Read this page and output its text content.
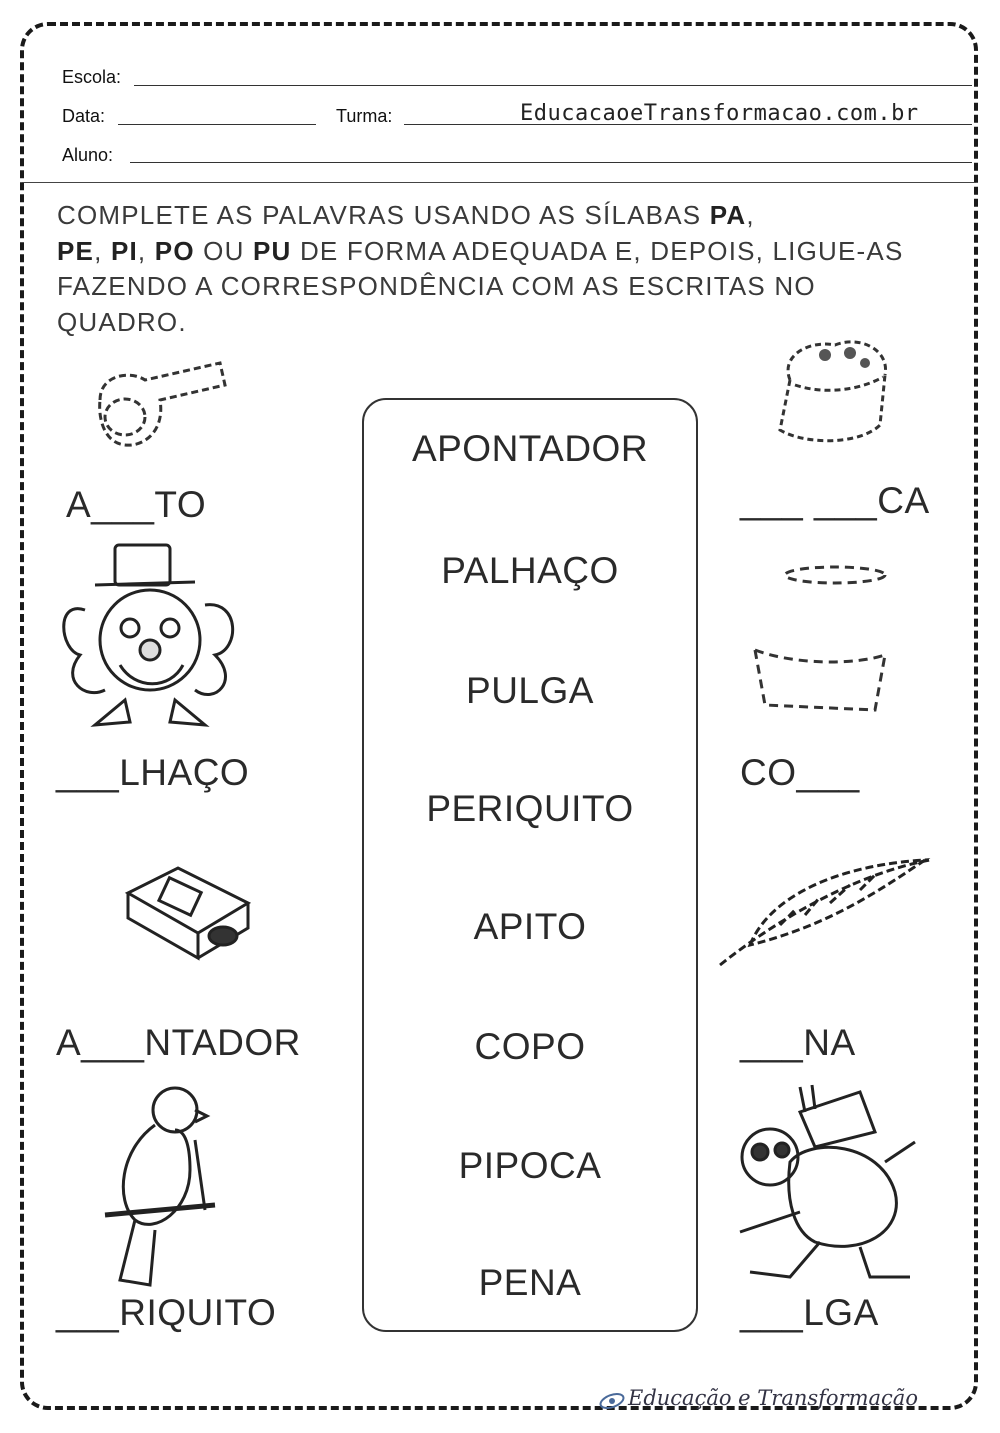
Escola:
Data:	Turma:	EducacaoeTransformacao.com.br
Aluno:
COMPLETE AS PALAVRAS USANDO AS SÍLABAS PA,
PE, PI, PO OU PU DE FORMA ADEQUADA E, DEPOIS, LIGUE-AS FAZENDO A CORRESPONDÊNCIA COM AS ESCRITAS NO QUADRO.
A___TO
___LHAÇO
A___NTADOR
___RIQUITO
___ ___CA
CO___
___NA
___LGA
APONTADOR
PALHAÇO
PULGA
PERIQUITO
APITO
COPO
PIPOCA
PENA
Educação e Transformação
